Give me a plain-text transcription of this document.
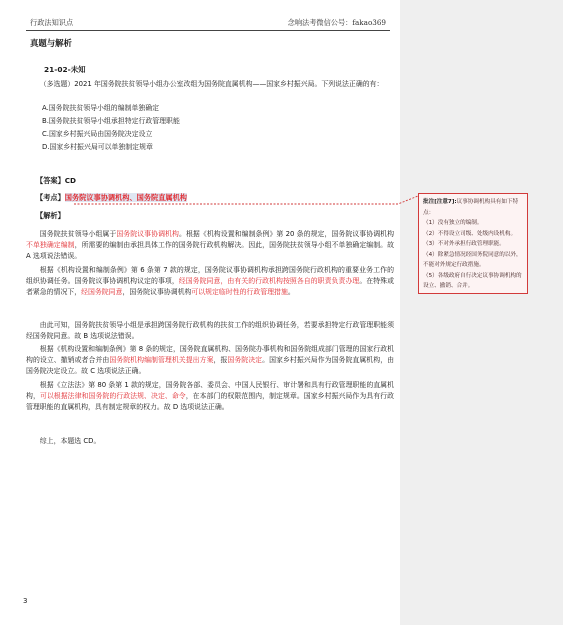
行政法知识点	念响法考微信公号：fakao369
真题与解析
21-02-未知
（多选题）2021 年国务院扶贫领导小组办公室改组为国务院直属机构——国家乡村振兴局。下列说法正确的有：
A.国务院扶贫领导小组的编制单独确定
B.国务院扶贫领导小组承担特定行政管理职能
C.国家乡村振兴局由国务院决定设立
D.国家乡村振兴局可以单独制定规章
【答案】CD
【考点】国务院议事协调机构、国务院直属机构
【解析】
国务院扶贫领导小组属于国务院议事协调机构。根据《机构设置和编制条例》第 20 条的规定，国务院议事协调机构不单独确定编制，所需要的编制由承担具体工作的国务院行政机构解决。因此，国务院扶贫领导小组不单独确定编制。故 A 选项说法错误。
根据《机构设置和编制条例》第 6 条第 7 款的规定，国务院议事协调机构承担跨国务院行政机构的重要业务工作的组织协调任务。国务院议事协调机构议定的事项，经国务院同意，由有关的行政机构按照各自的职责负责办理。在特殊或者紧急的情况下，经国务院同意，国务院议事协调机构可以规定临时性的行政管理措施。
由此可知，国务院扶贫领导小组是承担跨国务院行政机构的扶贫工作的组织协调任务，若要承担特定行政管理职能须经国务院同意。故 B 选项说法错误。
根据《机构设置和编制条例》第 8 条的规定，国务院直属机构、国务院办事机构和国务院组成部门管理的国家行政机构的设立、撤销或者合并由国务院机构编制管理机关提出方案，报国务院决定。国家乡村振兴局作为国务院直属机构，由国务院决定设立。故 C 选项说法正确。
根据《立法法》第 80 条第 1 款的规定，国务院各部、委员会、中国人民银行、审计署和具有行政管理职能的直属机构，可以根据法律和国务院的行政法规、决定、命令，在本部门的权限范围内，制定规章。国家乡村振兴局作为具有行政管理职能的直属机构，具有制定规章的权力。故 D 选项说法正确。
综上，本题选 CD。
批注[注意7]:议事协调机构具有如下特点：
（1）没有独立的编制。
（2）不得设立司级、处级内设机构。
（3）不对外承担行政管理职能。
（4）除紧急情况经国务院同意的以外，不能对外规定行政措施。
（5）各级政府自行决定议事协调机构的设立、撤销、合并。
3
